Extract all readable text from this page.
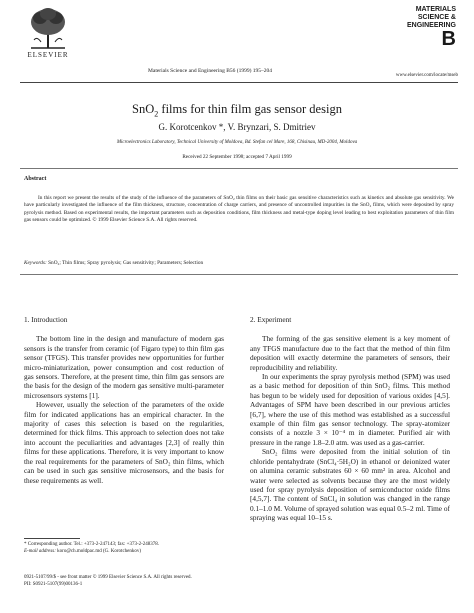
ELSEVIER
Materials Science and Engineering B56 (1999) 195–204
MATERIALS
SCIENCE &
ENGINEERING
B
www.elsevier.com/locate/mseb
SnO$_2$ films for thin film gas sensor design
G. Korotcenkov *, V. Brynzari, S. Dmitriev
Microelectronics Laboratory, Technical University of Moldova, Bd. Stefan cel Mare, 168, Chisinau, MD-2004, Moldova
Received 22 September 1998; accepted 7 April 1999
Abstract
In this report we present the results of the study of the influence of the parameters of SnO₂ thin films on their basic gas sensitive characteristics such as kinetics and absolute gas sensitivity. We have particularly investigated the influence of the film thickness, structure, concentration of charge carriers, and presence of uncontrolled impurities in the SnO₂ films, which were deposited by spray pyrolysis method. Based on experimental results, the important parameters such as deposition conditions, film thickness and metal-type doping level leading to best exploitation parameters of thin film gas sensors could be optimized. © 1999 Elsevier Science S.A. All rights reserved.
Keywords: SnO₂; Thin films; Spray pyrolysis; Gas sensitivity; Parameters; Selection
1. Introduction

The bottom line in the design and manufacture of modern gas sensors is the transfer from ceramic (of Figaro type) to thin film gas sensor (TFGS). This transfer provides new opportunities for further micro-miniaturization, power consumption and cost reduction of gas sensors. Therefore, at the present time, thin film gas sensors are the basis for the design of the modern gas sensitive multi-parameter microsensors systems [1].

However, usually the selection of the parameters of the oxide film for indicated applications has an empirical character. In the majority of cases this selection is based on the regularities, determined for thick films. This approach to selection does not take into account the peculiarities and advantages [2,3] of really thin films for these applications. Therefore, it is very important to know the real requirements for the parameters of SnO₂ thin films, which can be used in such gas sensitive microsensors, and the basis for these requirements as well.

2. Experiment

The forming of the gas sensitive element is a key moment of any TFGS manufacture due to the fact that the method of thin film deposition will exactly determine the parameters of sensors, their reproducibility and reliability.

In our experiments the spray pyrolysis method (SPM) was used as a basic method for deposition of thin SnO₂ films. This method has begun to be widely used for deposition of various oxides [4,5]. Advantages of SPM have been described in our previous articles [6,7], where the use of this method was established as a successful example of thin film gas sensor technology. The spray-atomizer consists of a nozzle 3 × 10⁻⁴ m in diameter. Purified air with pressure in the range 1.8–2.0 atm. was used as a gas-carrier.

SnO₂ films were deposited from the initial solution of tin chloride pentahydrate (SnCl₄·5H₂O) in ethanol or deionized water on alumina ceramic substrates 60 × 60 mm² in area. Alcohol and water were selected as solvents because they are the most widely used for spray pyrolysis deposition of semiconductor oxide films [4,5,7]. The content of SnCl₄ in solution was changed in the range 0.1–1.0 M. Volume of sprayed solution was equal 0.5–2 ml. Time of spraying was equal 10–15 s.

* Corresponding author. Tel.: +373-2-247143; fax: +373-2-248378.
E-mail address: koro@ch.moldpac.md (G. Korotchenkov)
0921-5107/99/$ - see front matter © 1999 Elsevier Science S.A. All rights reserved.
PII: S0921-5107(99)00136-1
